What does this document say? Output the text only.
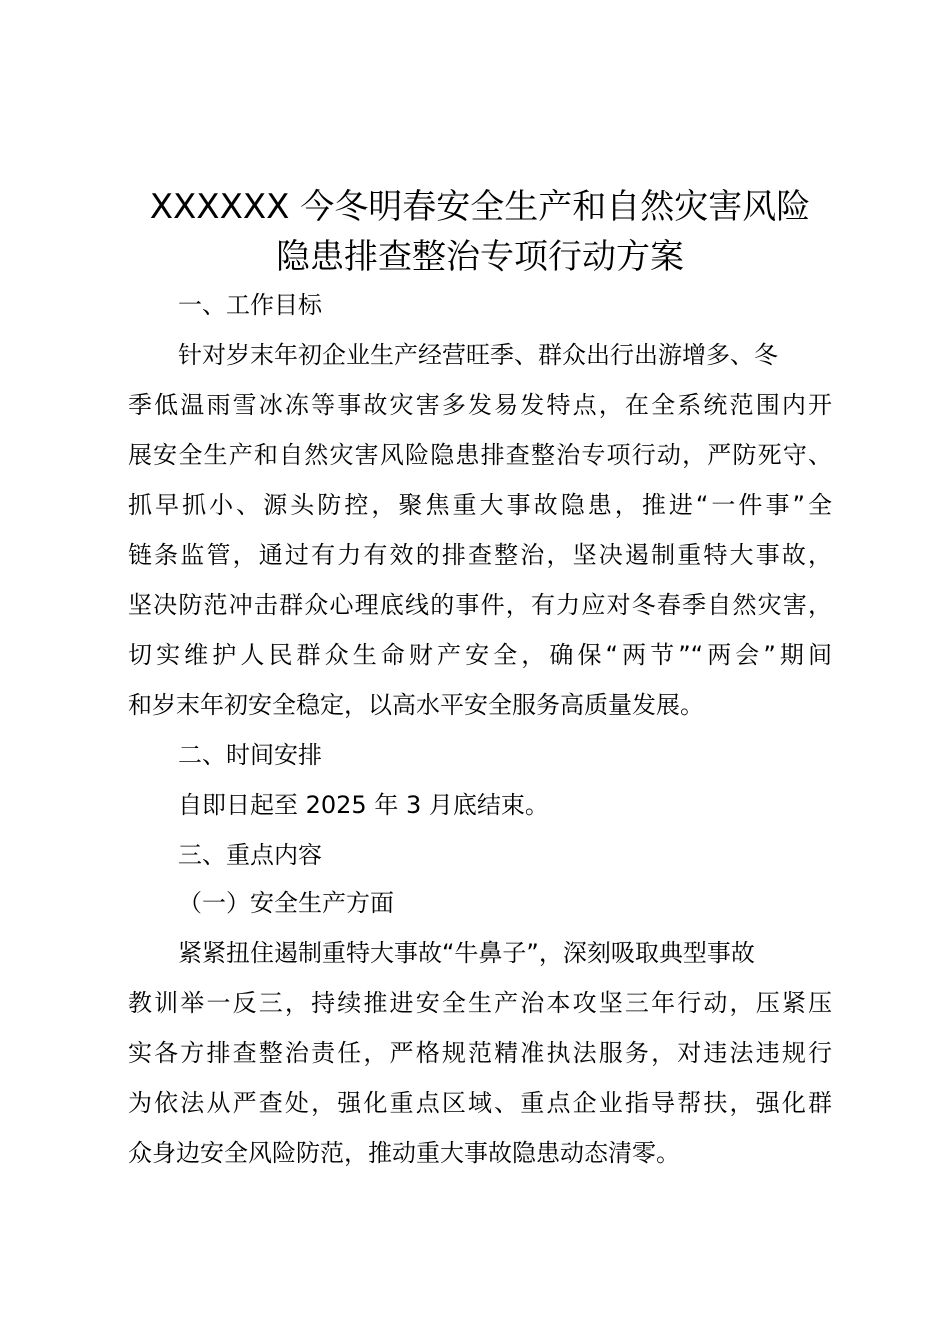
XXXXXX 今冬明春安全生产和自然灾害风险
隐患排查整治专项行动方案
一、工作目标
针对岁末年初企业生产经营旺季、群众出行出游增多、冬
季低温雨雪冰冻等事故灾害多发易发特点，在全系统范围内开
展安全生产和自然灾害风险隐患排查整治专项行动，严防死守、
抓早抓小、源头防控，聚焦重大事故隐患，推进“一件事”全
链条监管，通过有力有效的排查整治，坚决遏制重特大事故，
坚决防范冲击群众心理底线的事件，有力应对冬春季自然灾害，
切实维护人民群众生命财产安全，确保“两节”“两会”期间
和岁末年初安全稳定，以高水平安全服务高质量发展。
二、时间安排
自即日起至 2025 年 3 月底结束。
三、重点内容
（一）安全生产方面
紧紧扭住遏制重特大事故“牛鼻子”，深刻吸取典型事故
教训举一反三，持续推进安全生产治本攻坚三年行动，压紧压
实各方排查整治责任，严格规范精准执法服务，对违法违规行
为依法从严查处，强化重点区域、重点企业指导帮扶，强化群
众身边安全风险防范，推动重大事故隐患动态清零。
